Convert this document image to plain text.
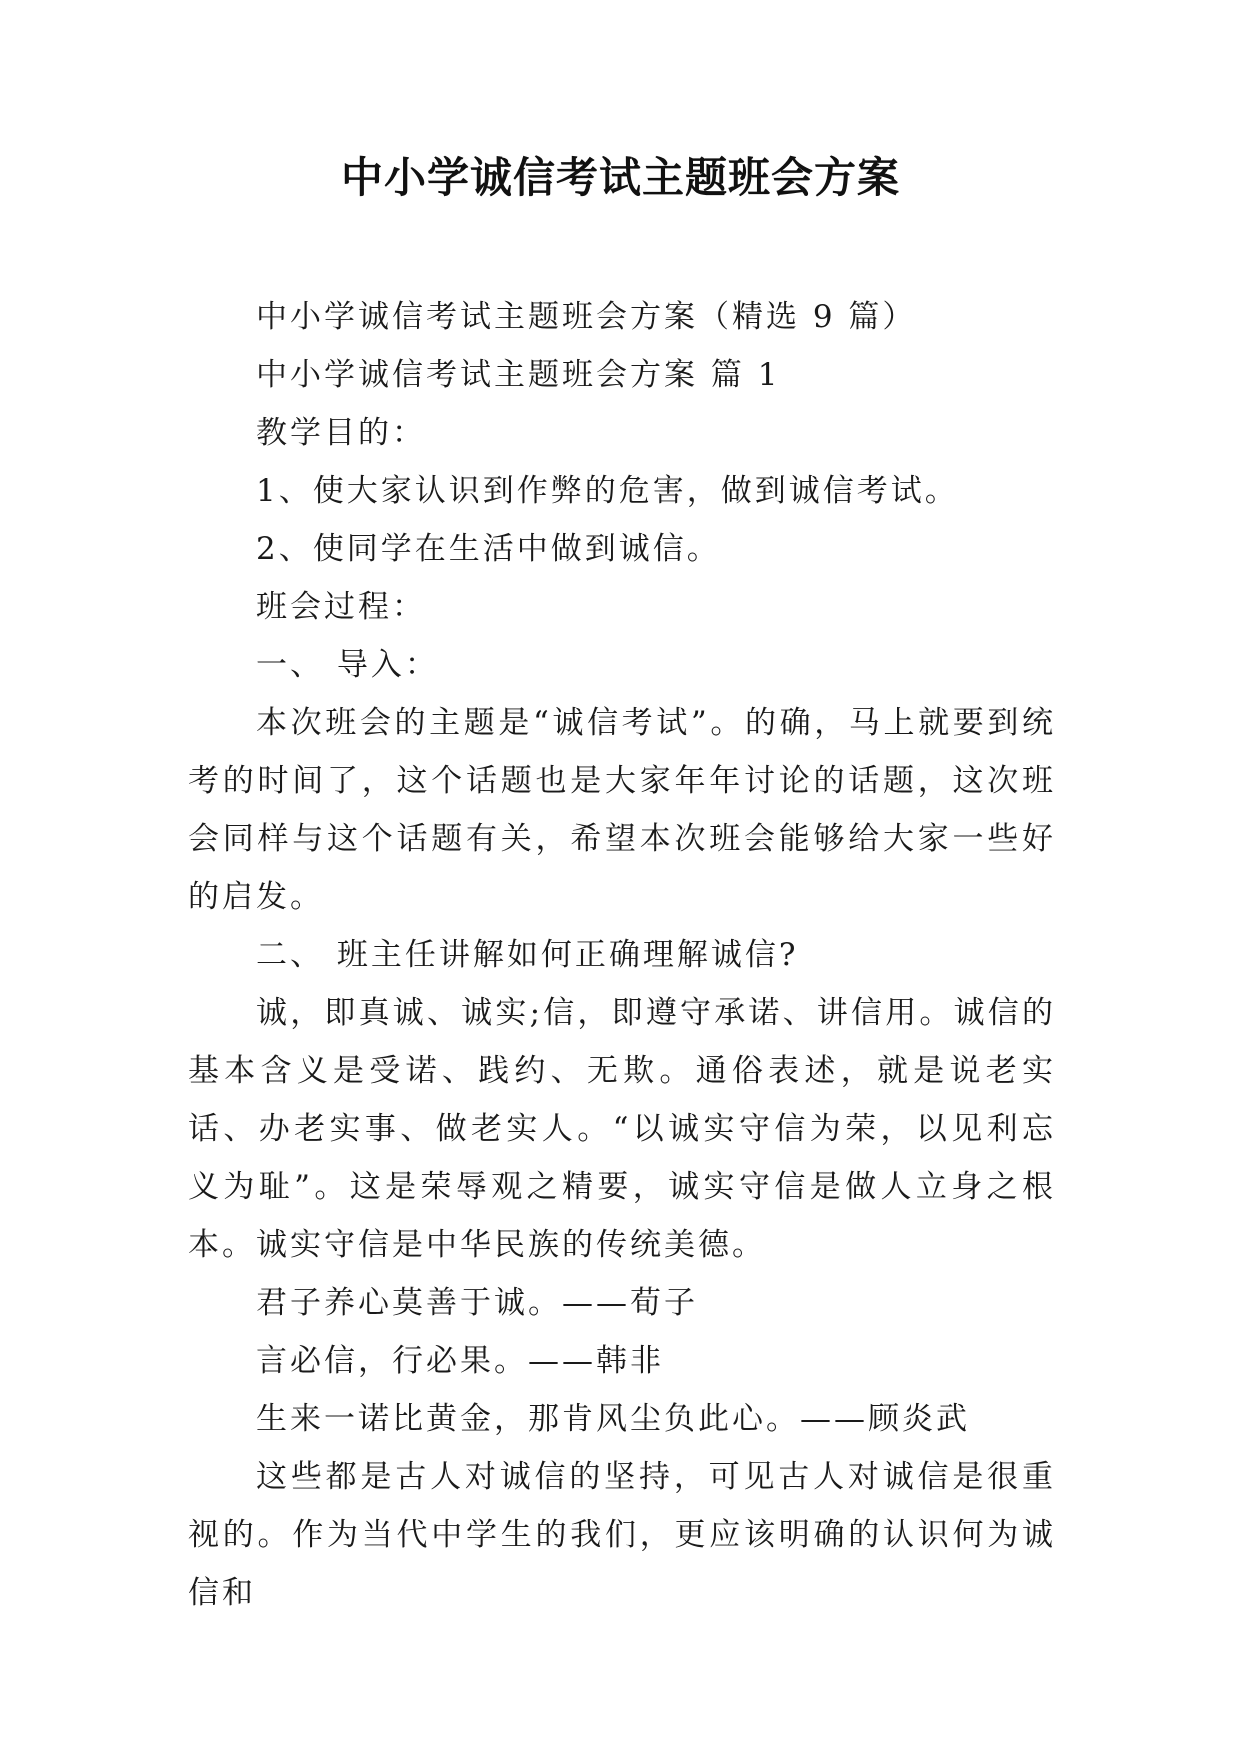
中小学诚信考试主题班会方案

中小学诚信考试主题班会方案（精选 9 篇）

中小学诚信考试主题班会方案 篇 1

教学目的：

1、使大家认识到作弊的危害，做到诚信考试。

2、使同学在生活中做到诚信。

班会过程：

一、 导入：

本次班会的主题是“诚信考试”。的确，马上就要到统考的时间了，这个话题也是大家年年讨论的话题，这次班会同样与这个话题有关，希望本次班会能够给大家一些好的启发。

二、 班主任讲解如何正确理解诚信?

诚，即真诚、诚实;信，即遵守承诺、讲信用。诚信的基本含义是受诺、践约、无欺。通俗表述，就是说老实话、办老实事、做老实人。“以诚实守信为荣，以见利忘义为耻”。这是荣辱观之精要，诚实守信是做人立身之根本。诚实守信是中华民族的传统美德。

君子养心莫善于诚。——荀子

言必信，行必果。——韩非

生来一诺比黄金，那肯风尘负此心。——顾炎武

这些都是古人对诚信的坚持，可见古人对诚信是很重视的。作为当代中学生的我们，更应该明确的认识何为诚信和
